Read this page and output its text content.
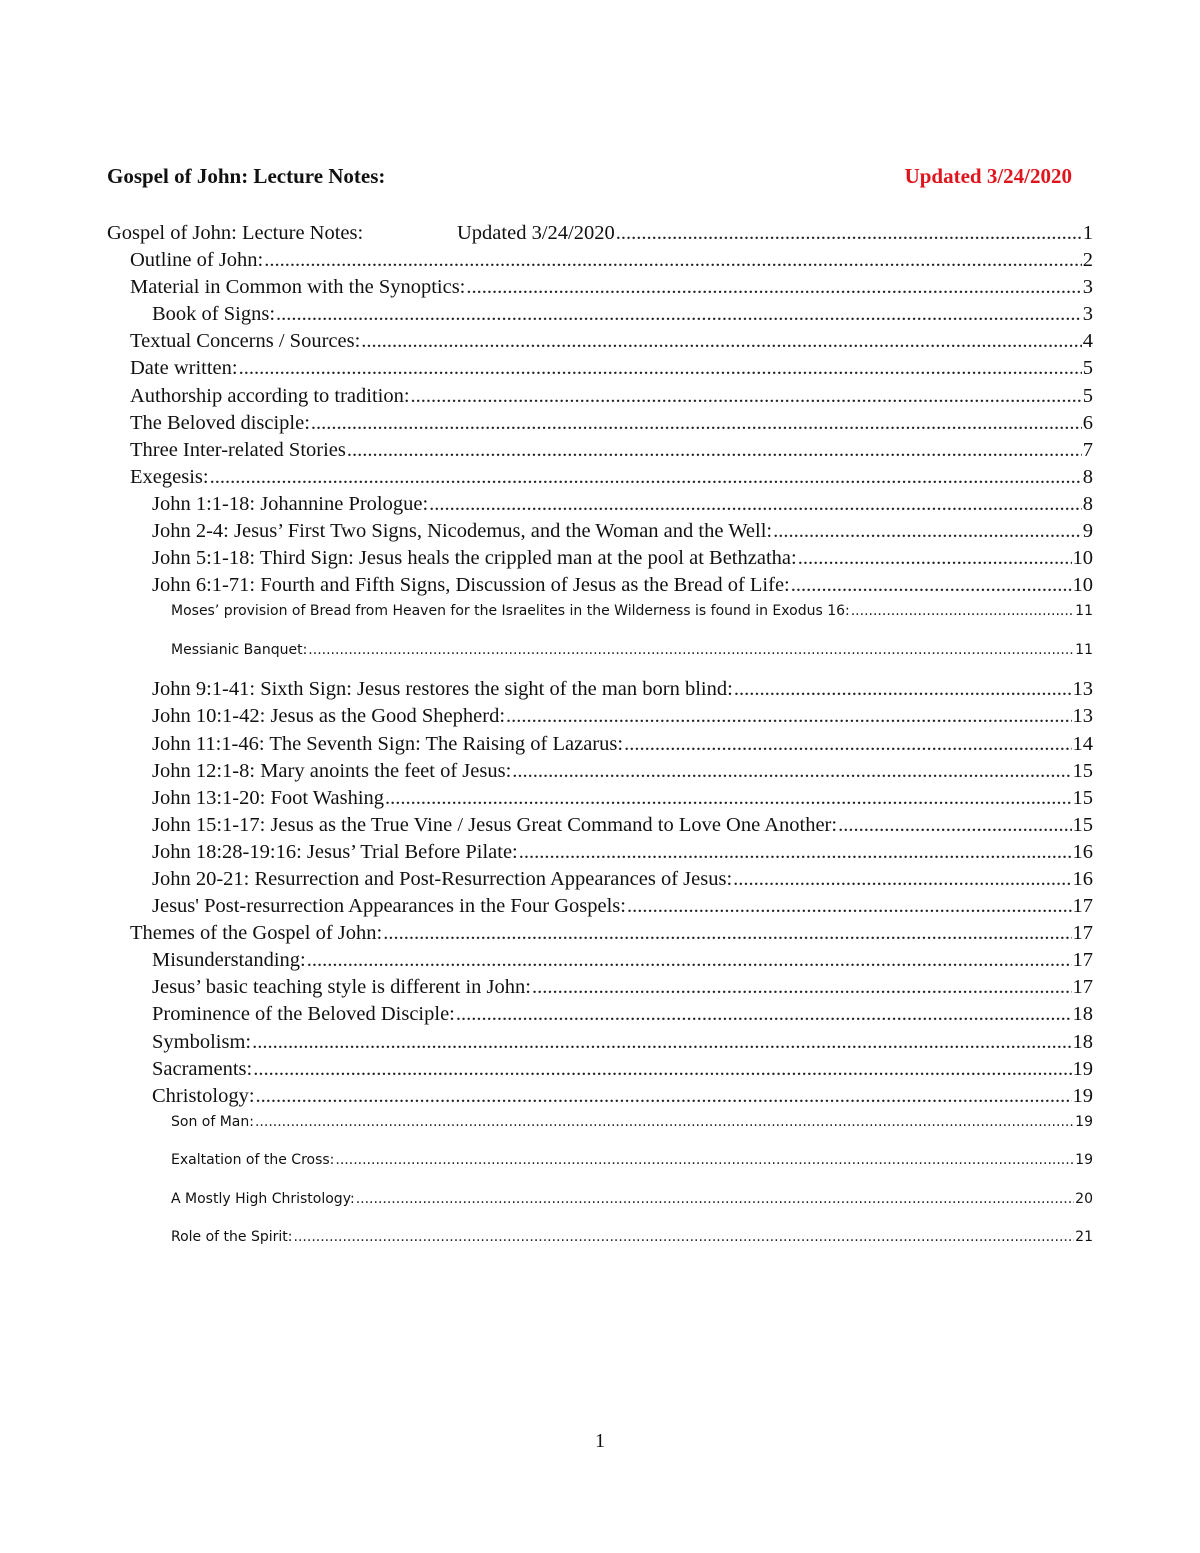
Gospel of John: Lecture Notes:	Updated 3/24/2020
Gospel of John: Lecture Notes:	Updated 3/24/2020 .....	1
Outline of John: .....	2
Material in Common with the Synoptics: .....	3
Book of Signs: .....	3
Textual Concerns / Sources: .....	4
Date written: .....	5
Authorship according to tradition: .....	5
The Beloved disciple: .....	6
Three Inter-related Stories .....	7
Exegesis: .....	8
John 1:1-18: Johannine Prologue: .....	8
John 2-4: Jesus’ First Two Signs, Nicodemus, and the Woman and the Well: .....	9
John 5:1-18: Third Sign: Jesus heals the crippled man at the pool at Bethzatha: .....	10
John 6:1-71: Fourth and Fifth Signs, Discussion of Jesus as the Bread of Life: .....	10
Moses’ provision of Bread from Heaven for the Israelites in the Wilderness is found in Exodus 16: .....	11
Messianic Banquet: .....	11
John 9:1-41: Sixth Sign: Jesus restores the sight of the man born blind: .....	13
John 10:1-42: Jesus as the Good Shepherd: .....	13
John 11:1-46: The Seventh Sign: The Raising of Lazarus: .....	14
John 12:1-8: Mary anoints the feet of Jesus: .....	15
John 13:1-20: Foot Washing .....	15
John 15:1-17: Jesus as the True Vine / Jesus Great Command to Love One Another: .....	15
John 18:28-19:16: Jesus’ Trial Before Pilate: .....	16
John 20-21: Resurrection and Post-Resurrection Appearances of Jesus: .....	16
Jesus' Post-resurrection Appearances in the Four Gospels: .....	17
Themes of the Gospel of John: .....	17
Misunderstanding: .....	17
Jesus’ basic teaching style is different in John: .....	17
Prominence of the Beloved Disciple: .....	18
Symbolism: .....	18
Sacraments: .....	19
Christology: .....	19
Son of Man: .....	19
Exaltation of the Cross: .....	19
A Mostly High Christology: .....	20
Role of the Spirit: .....	21
1
